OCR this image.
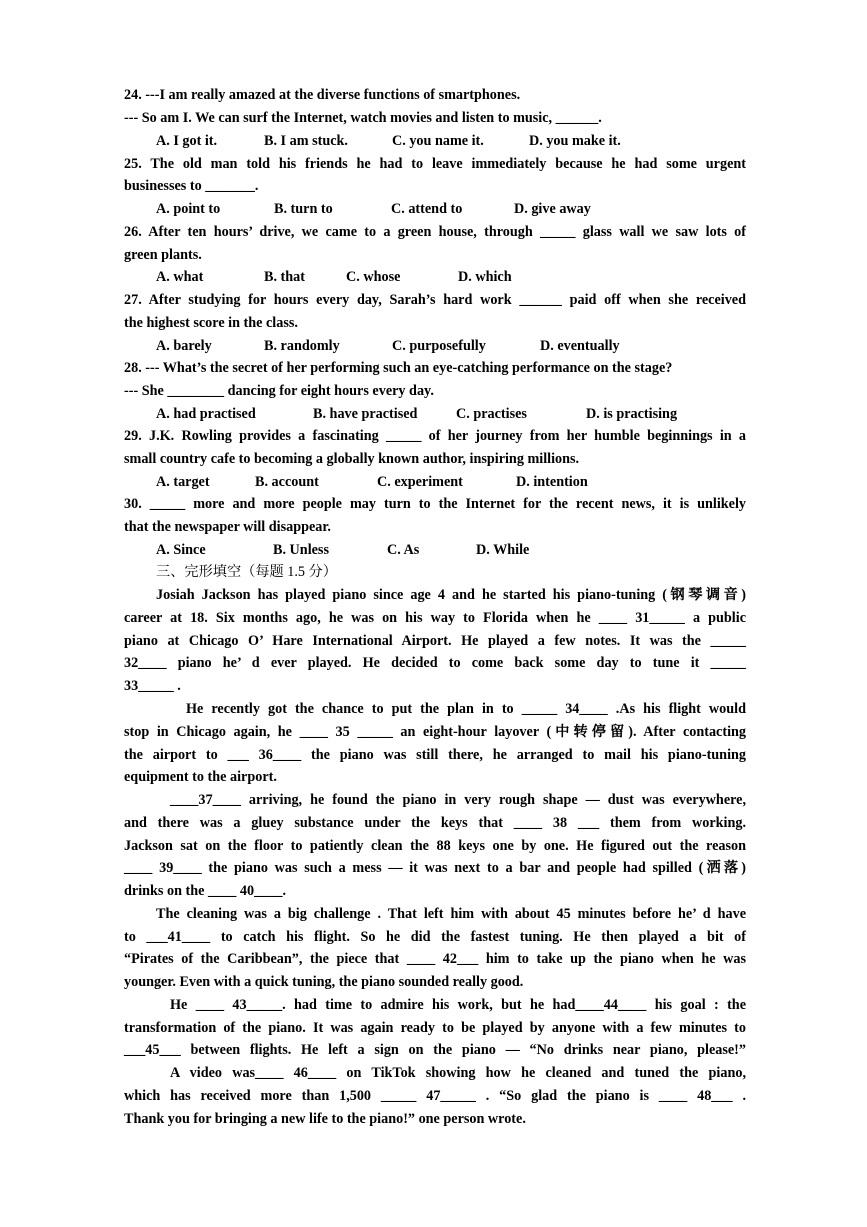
24. ---I am really amazed at the diverse functions of smartphones.
--- So am I. We can surf the Internet, watch movies and listen to music, ______.
A. I got it.	B. I am stuck.	C. you name it.	D. you make it.
25. The old man told his friends he had to leave immediately because he had some urgent
businesses to _______.
A. point to	B. turn to	C. attend to	D. give away
26. After ten hours’ drive, we came to a green house, through _____ glass wall we saw lots of
green plants.
A. what	B. that	C. whose	D. which
27. After studying for hours every day, Sarah’s hard work ______ paid off when she received
the highest score in the class.
A. barely	B. randomly	C. purposefully	D. eventually
28. --- What’s the secret of her performing such an eye-catching performance on the stage?
--- She ________ dancing for eight hours every day.
A. had practised	B. have practised	C. practises	D. is practising
29. J.K. Rowling provides a fascinating _____ of her journey from her humble beginnings in a
small country cafe to becoming a globally known author, inspiring millions.
A. target	B. account	C. experiment	D. intention
30. _____ more and more people may turn to the Internet for the recent news, it is unlikely
that the newspaper will disappear.
A. Since	B. Unless	C. As	D. While
三、完形填空（每题 1.5 分）
Josiah Jackson has played piano since age 4 and he started his piano-tuning (钢琴调音)
career at 18. Six months ago, he was on his way to Florida when he ____ 31_____ a public
piano at Chicago O’ Hare International Airport. He played a few notes. It was the _____
32____ piano he’ d ever played. He decided to come back some day to tune it _____
33_____ .
He recently got the chance to put the plan in to _____ 34____ .As his flight would
stop in Chicago again, he ____ 35 _____ an eight-hour layover (中转停留). After contacting
the airport to ___ 36____ the piano was still there, he arranged to mail his piano-tuning
equipment to the airport.
____37____ arriving, he found the piano in very rough shape — dust was everywhere,
and there was a gluey substance under the keys that ____ 38 ___ them from working.
Jackson sat on the floor to patiently clean the 88 keys one by one. He figured out the reason
____ 39____ the piano was such a mess — it was next to a bar and people had spilled (洒落)
drinks on the ____ 40____.
The cleaning was a big challenge . That left him with about 45 minutes before he’ d have
to ___41____ to catch his flight. So he did the fastest tuning. He then played a bit of
“Pirates of the Caribbean”, the piece that ____ 42___ him to take up the piano when he was
younger. Even with a quick tuning, the piano sounded really good.
He ____ 43_____. had time to admire his work, but he had____44____ his goal : the
transformation of the piano. It was again ready to be played by anyone with a few minutes to
___45___ between flights. He left a sign on the piano — “No drinks near piano, please!”
A video was____ 46____ on TikTok showing how he cleaned and tuned the piano,
which has received more than 1,500 _____ 47_____ . “So glad the piano is ____ 48___ .
Thank you for bringing a new life to the piano!” one person wrote.
